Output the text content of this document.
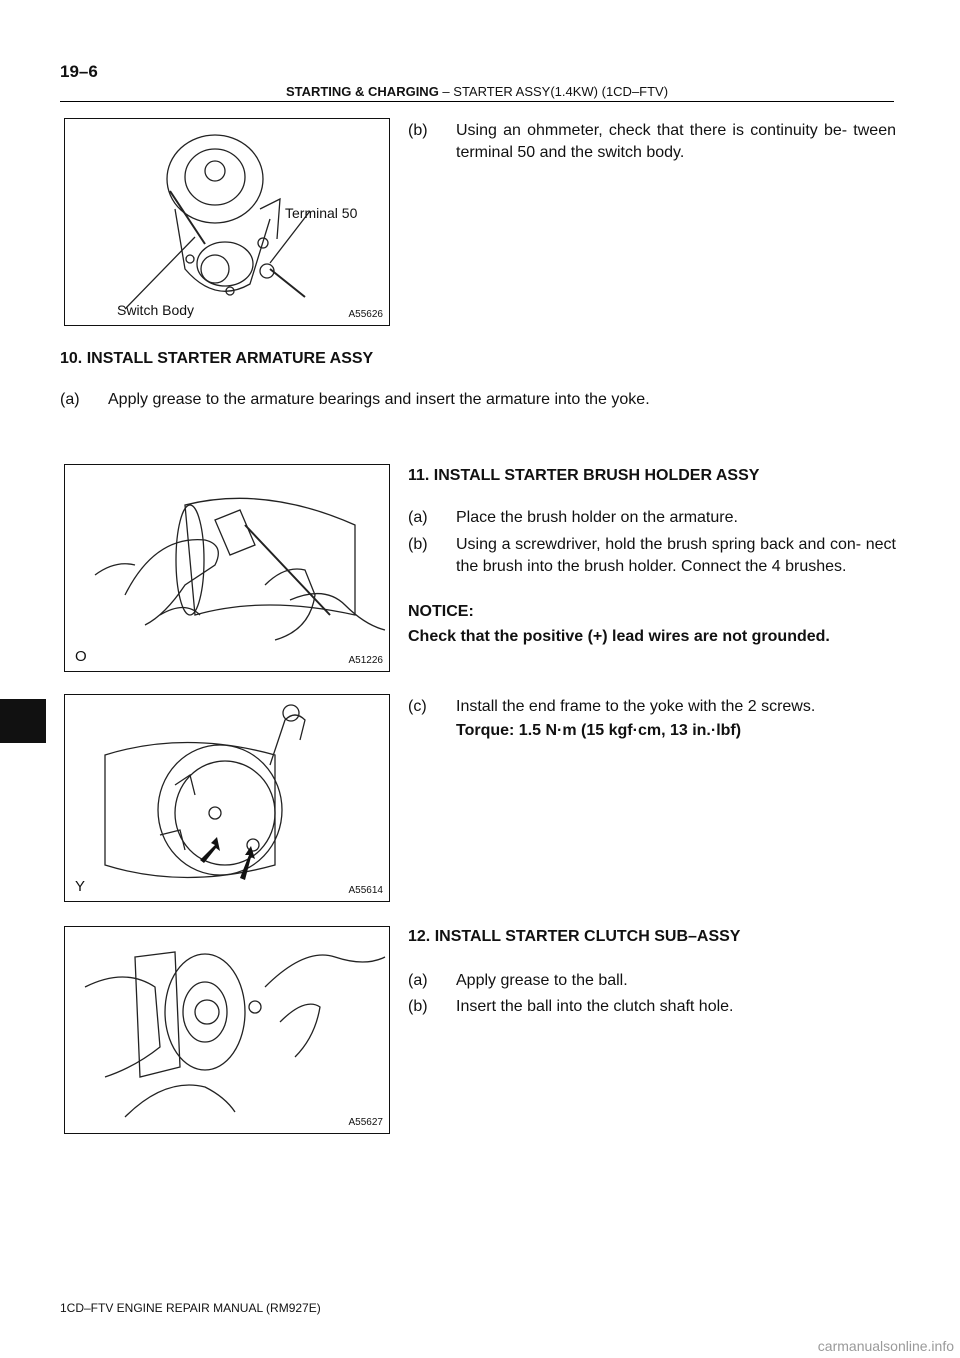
19–6
STARTING & CHARGING – STARTER ASSY(1.4KW) (1CD–FTV)
Terminal 50
Switch Body	A55626
(b) Using an ohmmeter, check that there is continuity be- tween terminal 50 and the switch body.
10. INSTALL STARTER ARMATURE ASSY
(a) Apply grease to the armature bearings and insert the armature into the yoke.
O	A51226
11. INSTALL STARTER BRUSH HOLDER ASSY
(a) Place the brush holder on the armature.
(b) Using a screwdriver, hold the brush spring back and con- nect the brush into the brush holder. Connect the 4 brushes.
NOTICE:
Check that the positive (+) lead wires are not grounded.
(c) Install the end frame to the yoke with the 2 screws.
Torque: 1.5 N·m (15 kgf·cm, 13 in.·lbf)
Y	A55614
A55627
12. INSTALL STARTER CLUTCH SUB–ASSY
(a) Apply grease to the ball.
(b) Insert the ball into the clutch shaft hole.
1CD–FTV ENGINE REPAIR MANUAL (RM927E)
carmanualsonline.info
